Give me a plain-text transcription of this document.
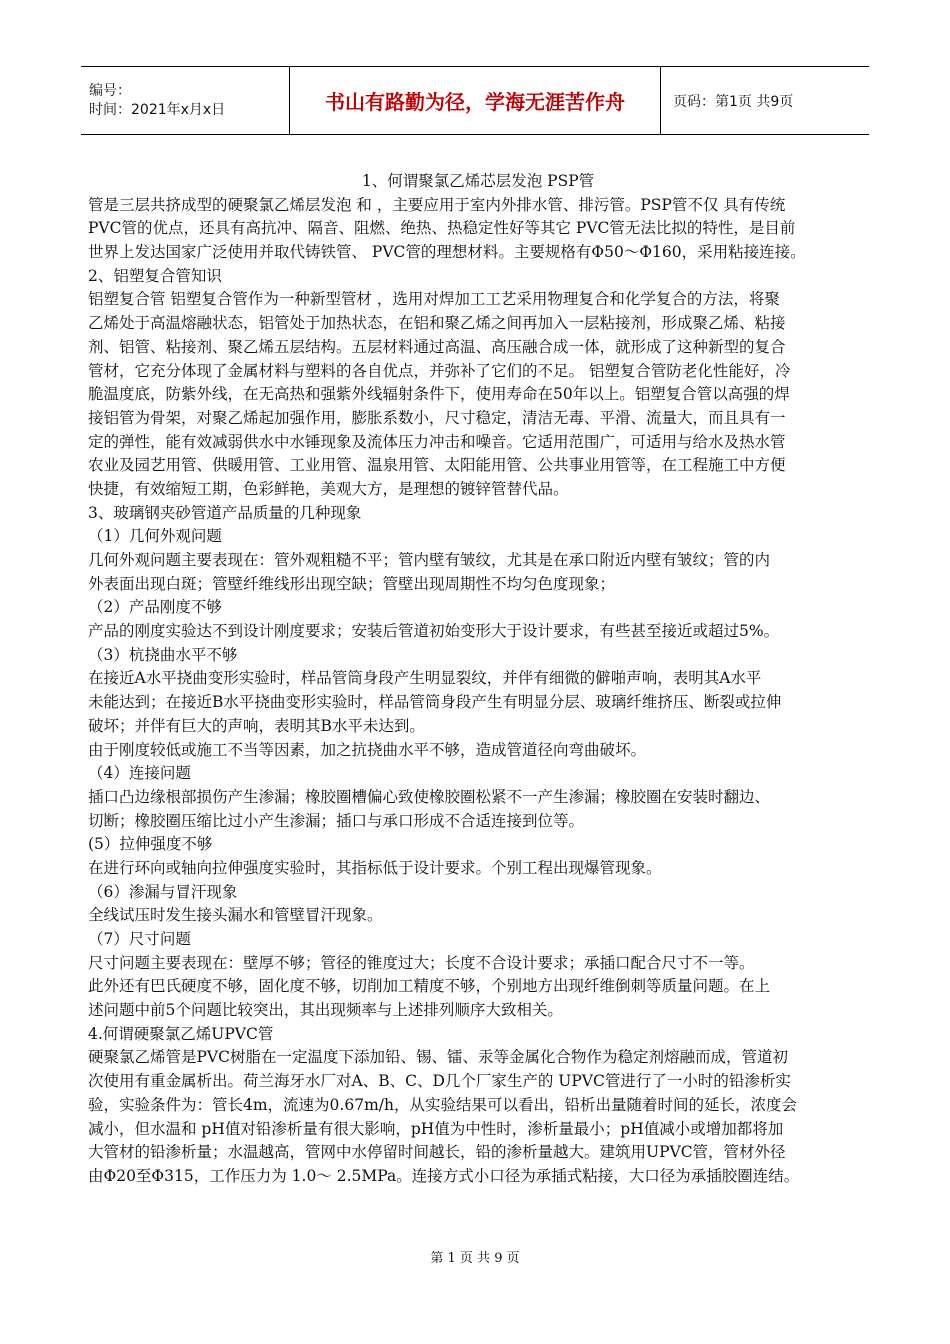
编号：
时间：2021年x月x日	书山有路勤为径，学海无涯苦作舟	页码：第1页 共9页
1、何谓聚氯乙烯芯层发泡 PSP管
管是三层共挤成型的硬聚氯乙烯层发泡 和 ，主要应用于室内外排水管、排污管。PSP管不仅 具有传统
PVC管的优点，还具有高抗冲、隔音、阻燃、绝热、热稳定性好等其它 PVC管无法比拟的特性，是目前
世界上发达国家广泛使用并取代铸铁管、 PVC管的理想材料。主要规格有Φ50～Φ160，采用粘接连接。
2、铝塑复合管知识
铝塑复合管 铝塑复合管作为一种新型管材 ，选用对焊加工工艺采用物理复合和化学复合的方法，将聚
乙烯处于高温熔融状态，铝管处于加热状态，在铝和聚乙烯之间再加入一层粘接剂，形成聚乙烯、粘接
剂、铝管、粘接剂、聚乙烯五层结构。五层材料通过高温、高压融合成一体，就形成了这种新型的复合
管材，它充分体现了金属材料与塑料的各自优点，并弥补了它们的不足。 铝塑复合管防老化性能好，冷
脆温度底，防紫外线，在无高热和强紫外线辐射条件下，使用寿命在50年以上。铝塑复合管以高强的焊
接铝管为骨架，对聚乙烯起加强作用，膨胀系数小，尺寸稳定，清洁无毒、平滑、流量大，而且具有一
定的弹性，能有效减弱供水中水锤现象及流体压力冲击和噪音。它适用范围广，可适用与给水及热水管
农业及园艺用管、供暖用管、工业用管、温泉用管、太阳能用管、公共事业用管等，在工程施工中方便
快捷，有效缩短工期，色彩鲜艳，美观大方，是理想的镀锌管替代品。
3、玻璃钢夹砂管道产品质量的几种现象
（1）几何外观问题
几何外观问题主要表现在：管外观粗糙不平；管内壁有皱纹，尤其是在承口附近内壁有皱纹；管的内
外表面出现白斑；管壁纤维线形出现空缺；管壁出现周期性不均匀色度现象；
（2）产品刚度不够
产品的刚度实验达不到设计刚度要求；安装后管道初始变形大于设计要求，有些甚至接近或超过5%。
（3）杭挠曲水平不够
在接近A水平挠曲变形实验时，样品管筒身段产生明显裂纹，并伴有细微的僻啪声响，表明其A水平
未能达到；在接近B水平挠曲变形实验时，样品管筒身段产生有明显分层、玻璃纤维挤压、断裂或拉伸
破坏；并伴有巨大的声响，表明其B水平未达到。
由于刚度较低或施工不当等因素，加之抗挠曲水平不够，造成管道径向弯曲破坏。
（4）连接问题
插口凸边缘根部损伤产生渗漏；橡胶圈槽偏心致使橡胶圈松紧不一产生渗漏；橡胶圈在安装时翻边、
切断；橡胶圈压缩比过小产生渗漏；插口与承口形成不合适连接到位等。
(5）拉伸强度不够
在进行环向或轴向拉伸强度实验时，其指标低于设计要求。个别工程出现爆管现象。
（6）渗漏与冒汗现象
全线试压时发生接头漏水和管壁冒汗现象。
（7）尺寸问题
尺寸问题主要表现在：壁厚不够；管径的锥度过大；长度不合设计要求；承插口配合尺寸不一等。
此外还有巴氏硬度不够，固化度不够，切削加工精度不够，个别地方出现纤维倒刺等质量问题。在上
述问题中前5个问题比较突出，其出现频率与上述排列顺序大致相关。
4.何谓硬聚氯乙烯UPVC管
硬聚氯乙烯管是PVC树脂在一定温度下添加铅、锡、镭、汞等金属化合物作为稳定剂熔融而成，管道初
次使用有重金属析出。荷兰海牙水厂对A、B、C、D几个厂家生产的 UPVC管进行了一小时的铅渗析实
验，实验条件为：管长4m，流速为0.67m/h，从实验结果可以看出，铅析出量随着时间的延长，浓度会
减小，但水温和 pH值对铅渗析量有很大影响，pH值为中性时，渗析量最小；pH值减小或增加都将加
大管材的铅渗析量；水温越高，管网中水停留时间越长，铅的渗析量越大。建筑用UPVC管，管材外径
由Φ20至Φ315，工作压力为 1.0～ 2.5MPa。连接方式小口径为承插式粘接，大口径为承插胶圈连结。
第 1 页 共 9 页
